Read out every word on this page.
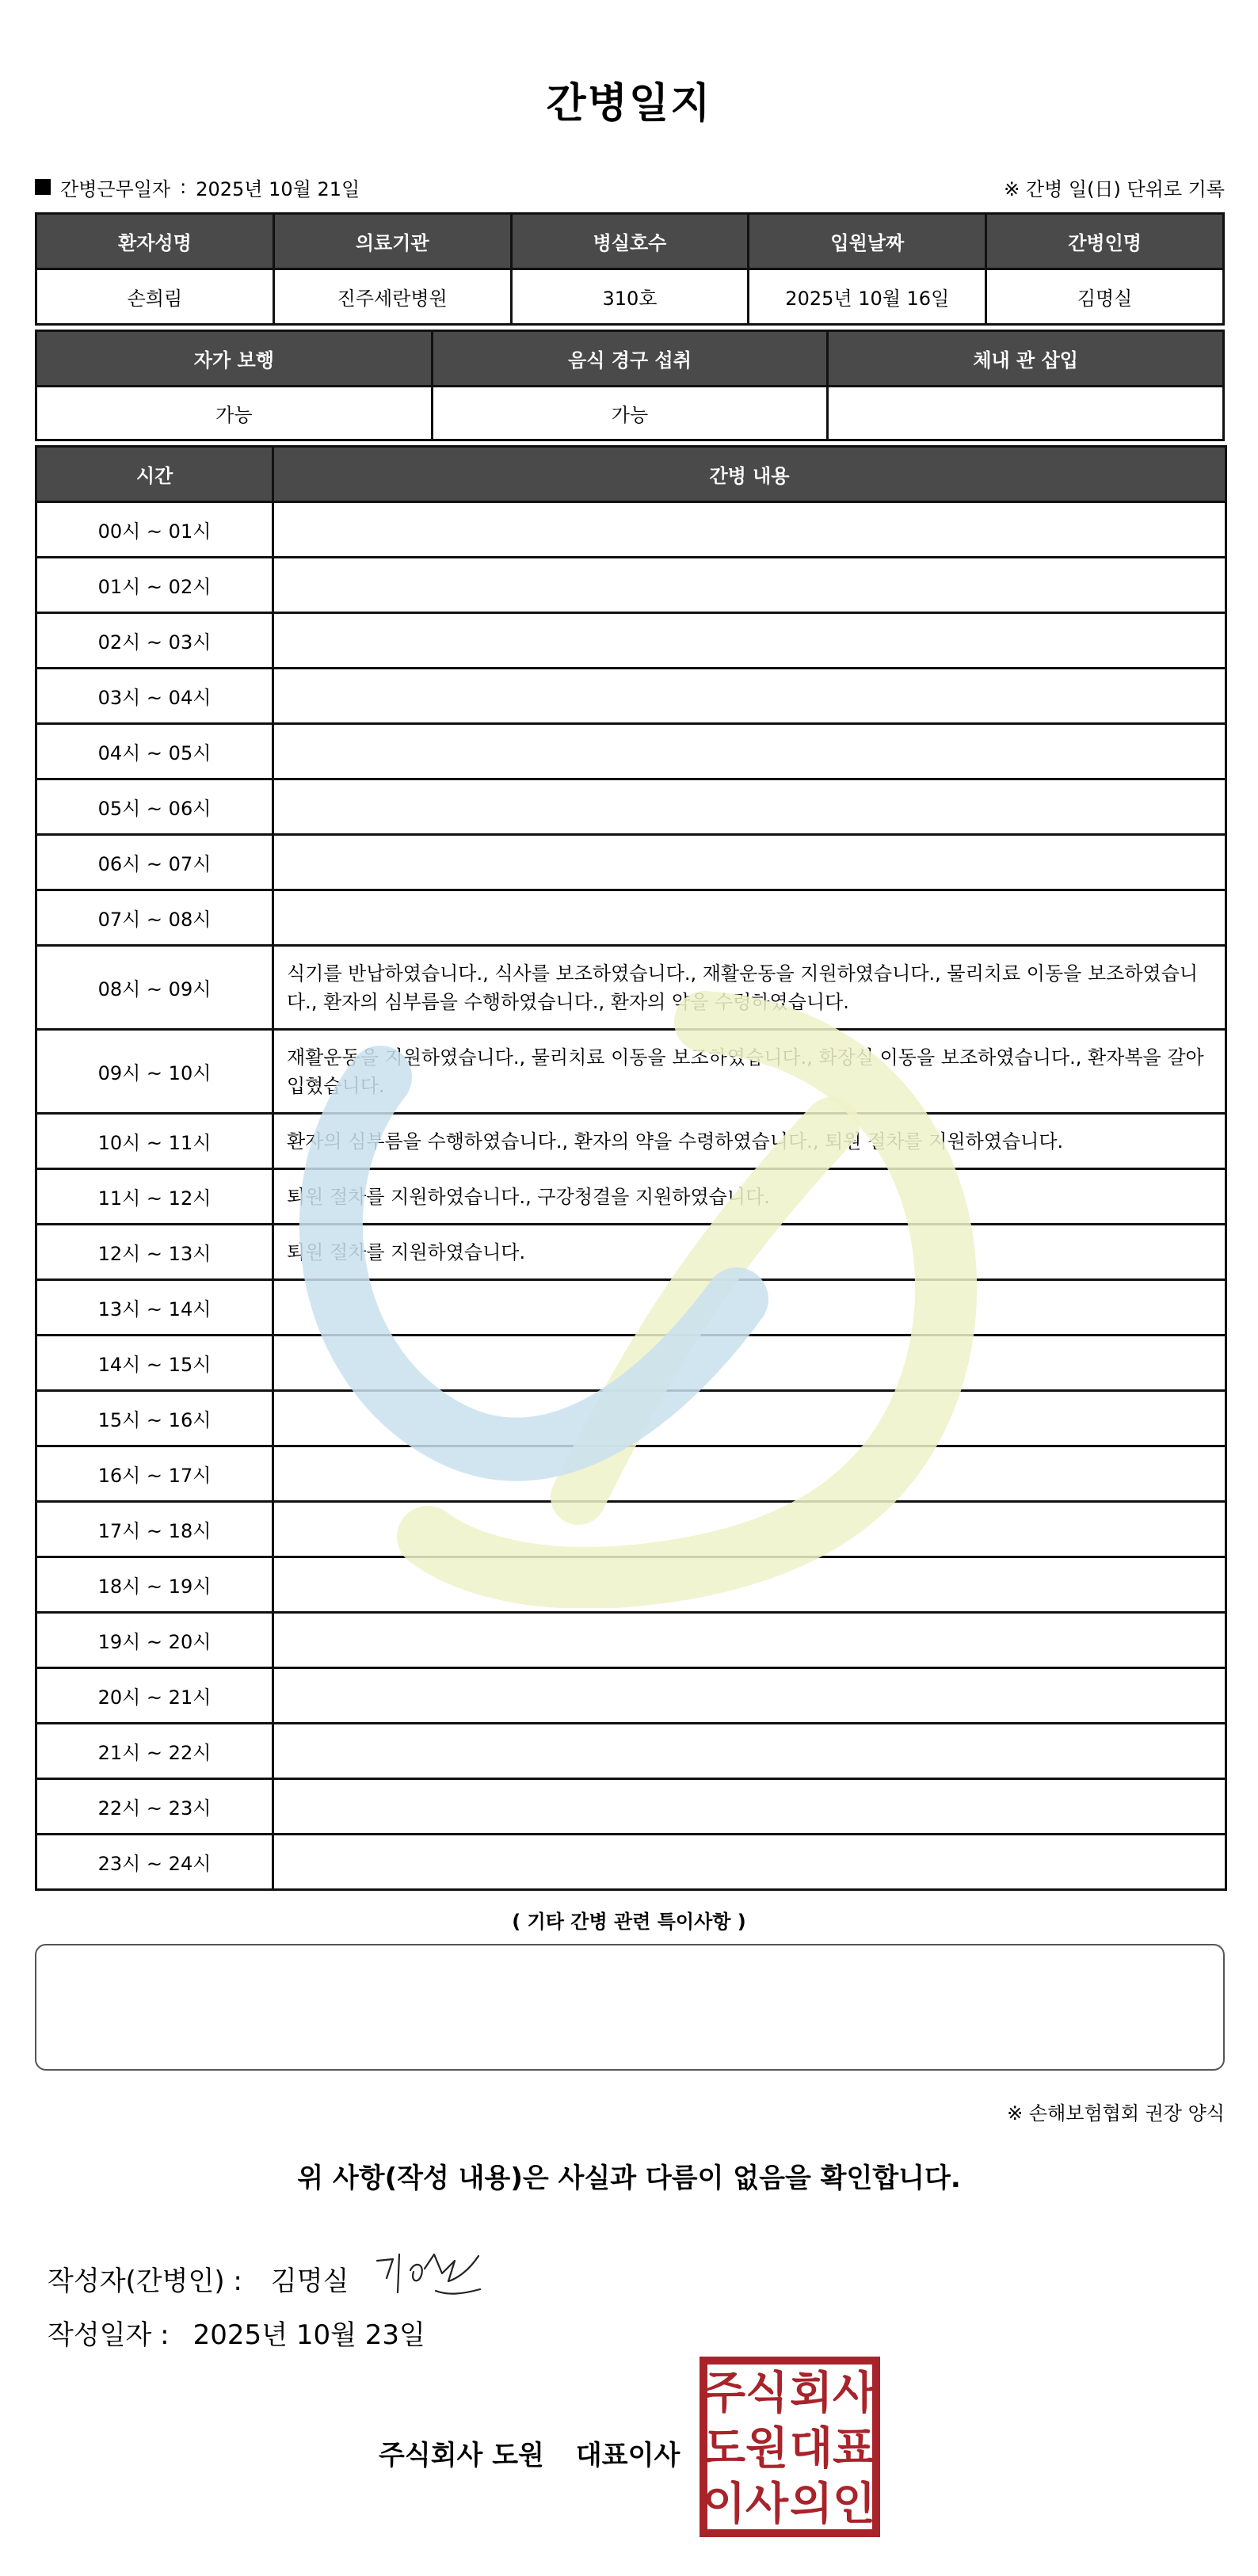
간병일지
간병근무일자 : 2025년 10월 21일	※ 간병 일(日) 단위로 기록
환자성명	의료기관	병실호수	입원날짜	간병인명
손희림	진주세란병원	310호	2025년 10월 16일	김명실
자가 보행	음식 경구 섭취	체내 관 삽입
가능	가능	
시간	간병 내용
00시 ~ 01시	
01시 ~ 02시	
02시 ~ 03시	
03시 ~ 04시	
04시 ~ 05시	
05시 ~ 06시	
06시 ~ 07시	
07시 ~ 08시	
08시 ~ 09시	식기를 반납하였습니다., 식사를 보조하였습니다., 재활운동을 지원하였습니다., 물리치료 이동을 보조하였습니다., 환자의 심부름을 수행하였습니다., 환자의 약을 수령하였습니다.
09시 ~ 10시	재활운동을 지원하였습니다., 물리치료 이동을 보조하였습니다., 화장실 이동을 보조하였습니다., 환자복을 갈아입혔습니다.
10시 ~ 11시	환자의 심부름을 수행하였습니다., 환자의 약을 수령하였습니다., 퇴원 절차를 지원하였습니다.
11시 ~ 12시	퇴원 절차를 지원하였습니다., 구강청결을 지원하였습니다.
12시 ~ 13시	퇴원 절차를 지원하였습니다.
13시 ~ 14시	
14시 ~ 15시	
15시 ~ 16시	
16시 ~ 17시	
17시 ~ 18시	
18시 ~ 19시	
19시 ~ 20시	
20시 ~ 21시	
21시 ~ 22시	
22시 ~ 23시	
23시 ~ 24시	
( 기타 간병 관련 특이사항 )
※ 손해보험협회 권장 양식
위 사항(작성 내용)은 사실과 다름이 없음을 확인합니다.
작성자(간병인) : 김명실
작성일자 : 2025년 10월 23일
주식회사 도원 대표이사
주 식 회 사
도 원 대 표
이 사 의 인
